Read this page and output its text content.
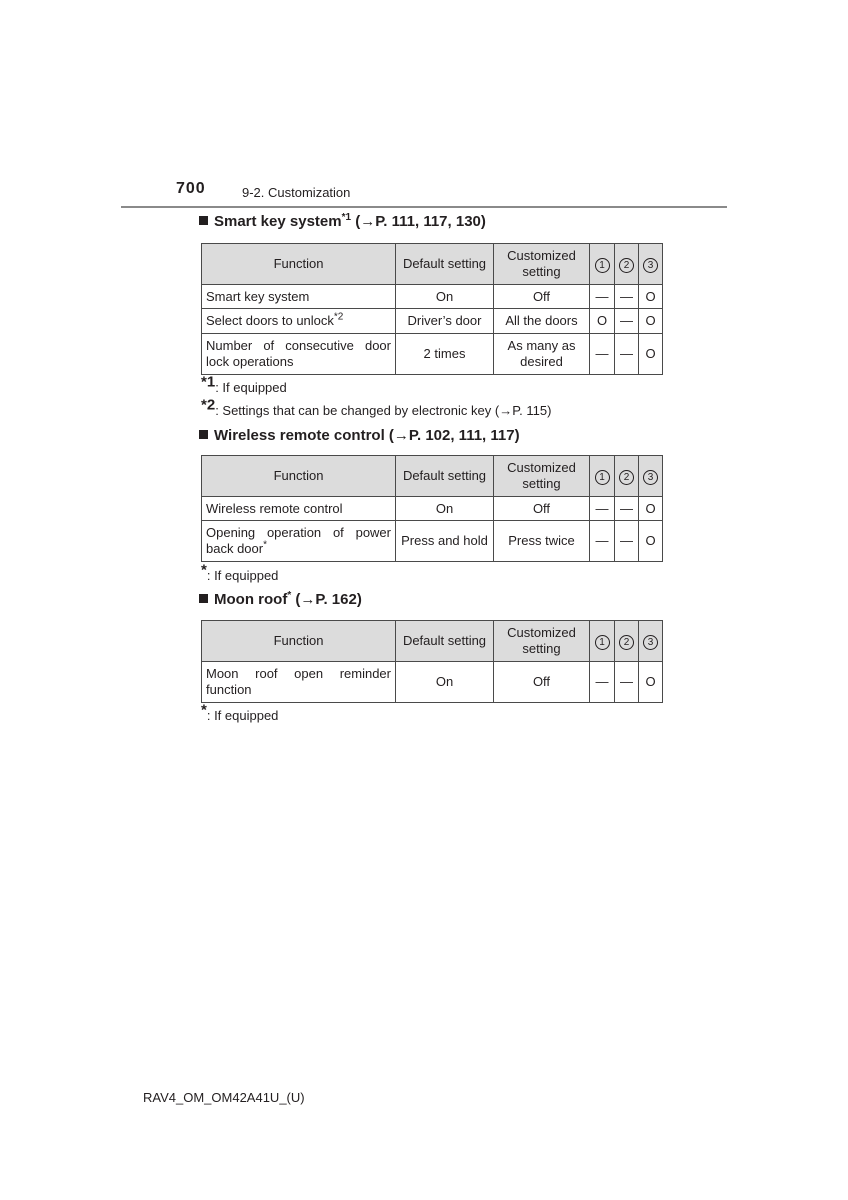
700	9-2. Customization
Smart key system$^{*1}$ (→P. 111, 117, 130)
Function	Default setting	Customized setting	1	2	3
Smart key system	On	Off	—	—	O
Select doors to unlock$^{*2}$	Driver’s door	All the doors	O	—	O
Number of consecutive door lock operations	2 times	As many as desired	—	—	O
$^{*1}$: If equipped
$^{*2}$: Settings that can be changed by electronic key (→P. 115)
Wireless remote control (→P. 102, 111, 117)
Function	Default setting	Customized setting	1	2	3
Wireless remote control	On	Off	—	—	O
Opening operation of power back door*	Press and hold	Press twice	—	—	O
*: If equipped
Moon roof* (→P. 162)
Function	Default setting	Customized setting	1	2	3
Moon roof open reminder function	On	Off	—	—	O
*: If equipped
RAV4_OM_OM42A41U_(U)
